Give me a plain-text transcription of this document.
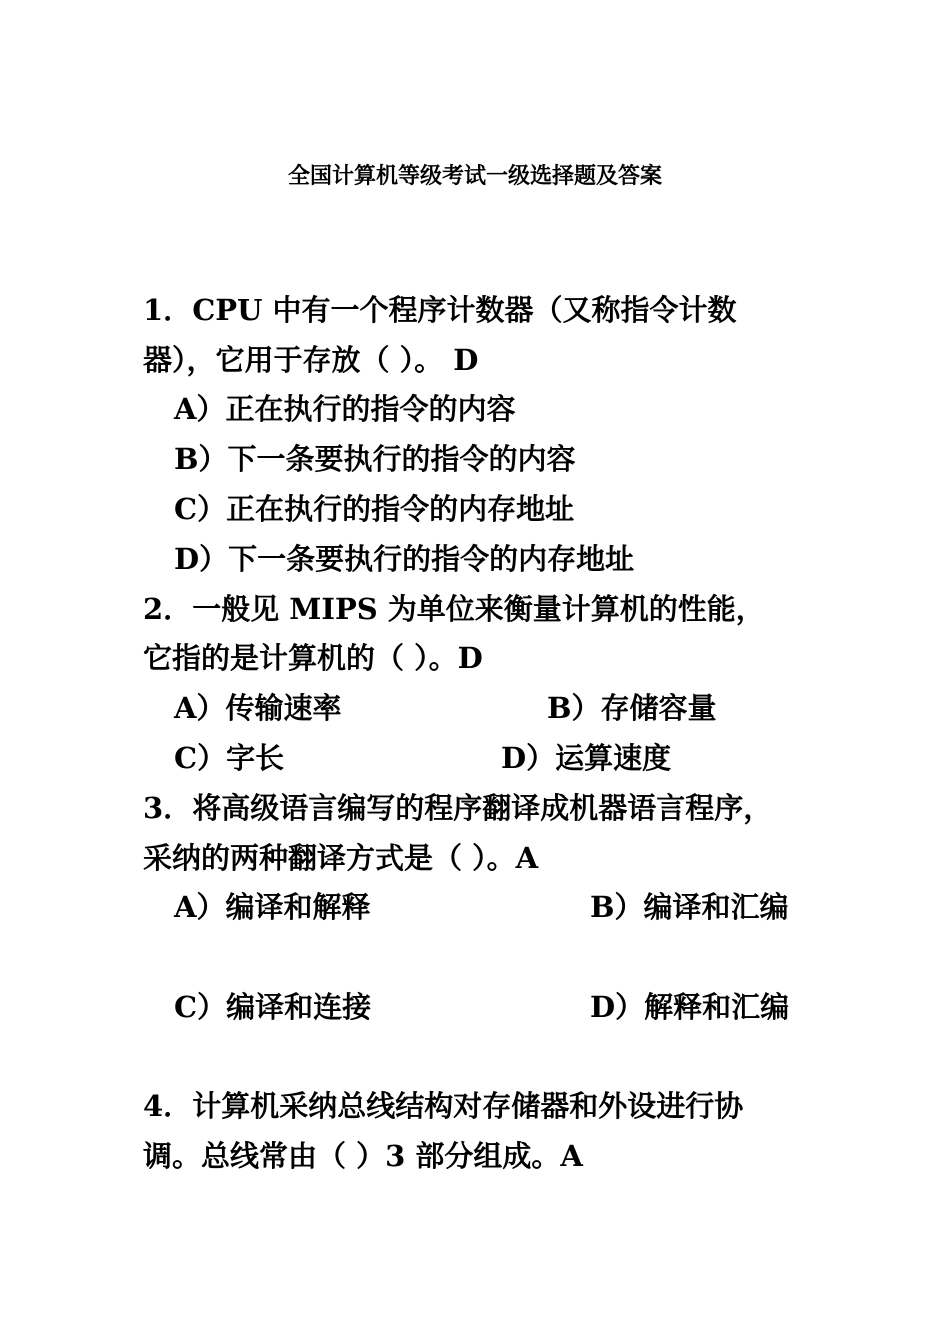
全国计算机等级考试一级选择题及答案
1．CPU 中有一个程序计数器（又称指令计数
器），它用于存放（ ）。 D
A）正在执行的指令的内容
B）下一条要执行的指令的内容
C）正在执行的指令的内存地址
D）下一条要执行的指令的内存地址
2．一般见 MIPS 为单位来衡量计算机的性能，
它指的是计算机的（ ）。D
A）传输速率	B）存储容量
C）字长	D）运算速度
3．将高级语言编写的程序翻译成机器语言程序，
采纳的两种翻译方式是（ ）。A
A）编译和解释	B）编译和汇编
C）编译和连接	D）解释和汇编
4．计算机采纳总线结构对存储器和外设进行协
调。总线常由（ ）3 部分组成。A
